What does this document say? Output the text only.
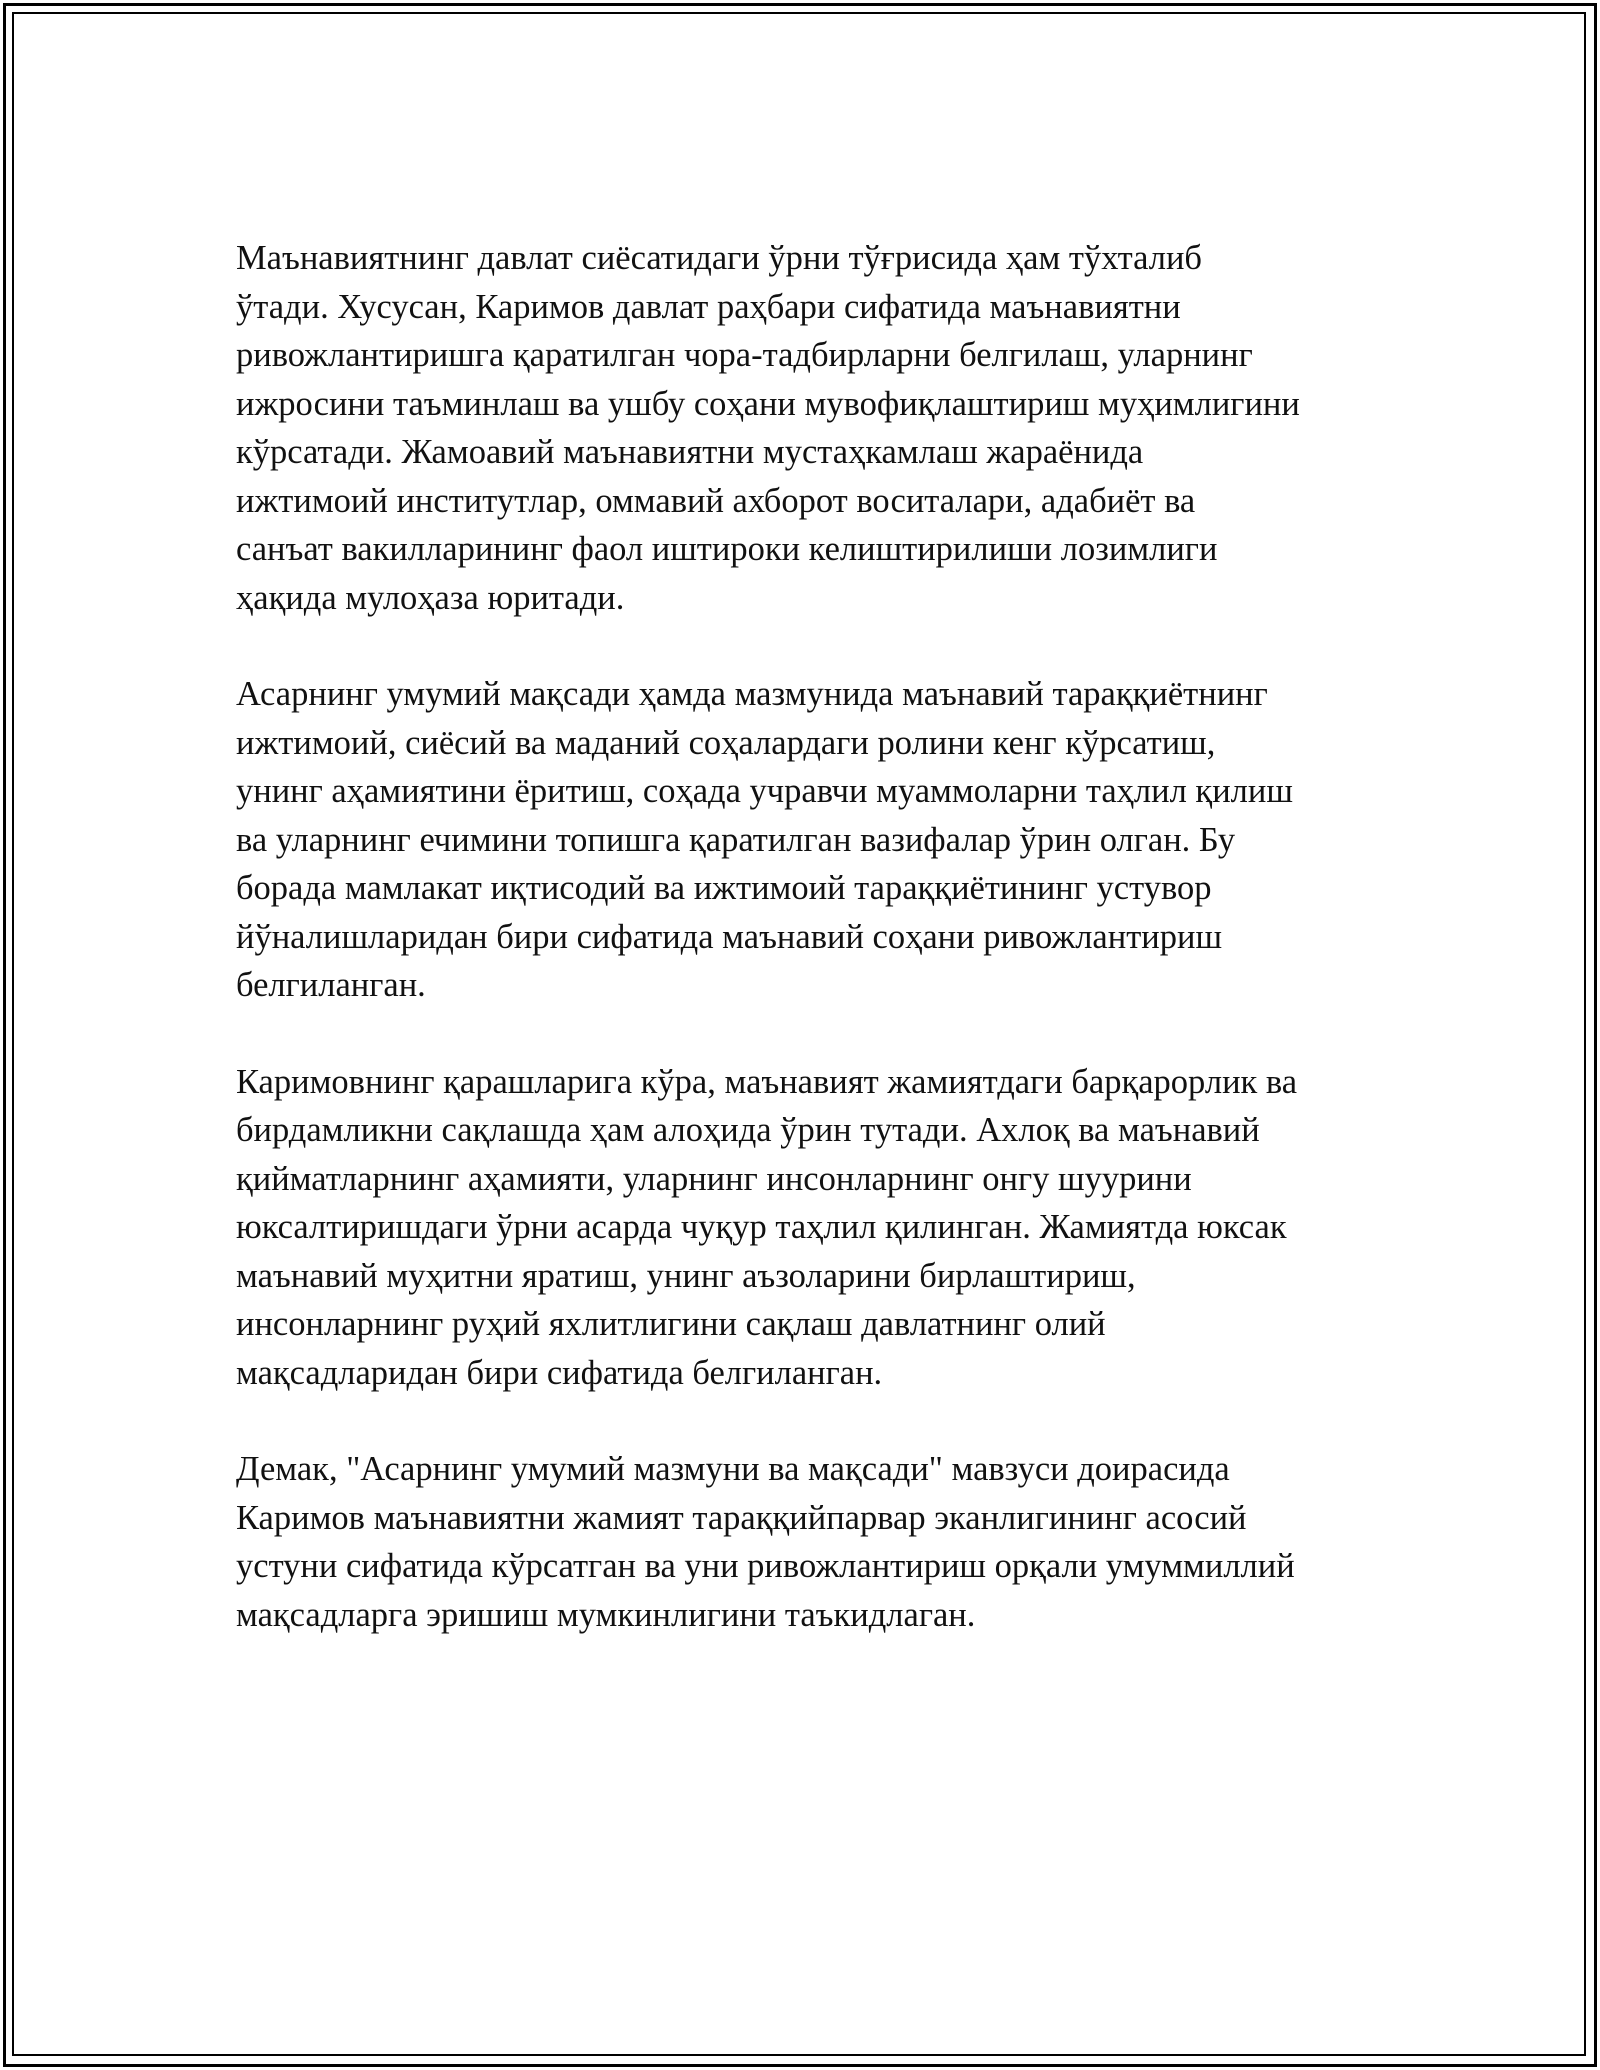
Маънавиятнинг давлат сиёсатидаги ўрни тўғрисида ҳам тўхталиб
ўтади. Хусусан, Каримов давлат раҳбари сифатида маънавиятни
ривожлантиришга қаратилган чора-тадбирларни белгилаш, уларнинг
ижросини таъминлаш ва ушбу соҳани мувофиқлаштириш муҳимлигини
кўрсатади. Жамоавий маънавиятни мустаҳкамлаш жараёнида
ижтимоий институтлар, оммавий ахборот воситалари, адабиёт ва
санъат вакилларининг фаол иштироки келиштирилиши лозимлиги
ҳақида мулоҳаза юритади.

Асарнинг умумий мақсади ҳамда мазмунида маънавий тараққиётнинг
ижтимоий, сиёсий ва маданий соҳалардаги ролини кенг кўрсатиш,
унинг аҳамиятини ёритиш, соҳада учравчи муаммоларни таҳлил қилиш
ва уларнинг ечимини топишга қаратилган вазифалар ўрин олган. Бу
борада мамлакат иқтисодий ва ижтимоий тараққиётининг устувор
йўналишларидан бири сифатида маънавий соҳани ривожлантириш
белгиланган.

Каримовнинг қарашларига кўра, маънавият жамиятдаги барқарорлик ва
бирдамликни сақлашда ҳам алоҳида ўрин тутади. Ахлоқ ва маънавий
қийматларнинг аҳамияти, уларнинг инсонларнинг онгу шуурини
юксалтиришдаги ўрни асарда чуқур таҳлил қилинган. Жамиятда юксак
маънавий муҳитни яратиш, унинг аъзоларини бирлаштириш,
инсонларнинг руҳий яхлитлигини сақлаш давлатнинг олий
мақсадларидан бири сифатида белгиланган.

Демак, "Асарнинг умумий мазмуни ва мақсади" мавзуси доирасида
Каримов маънавиятни жамият тараққийпарвар эканлигининг асосий
устуни сифатида кўрсатган ва уни ривожлантириш орқали умуммиллий
мақсадларга эришиш мумкинлигини таъкидлаган.
